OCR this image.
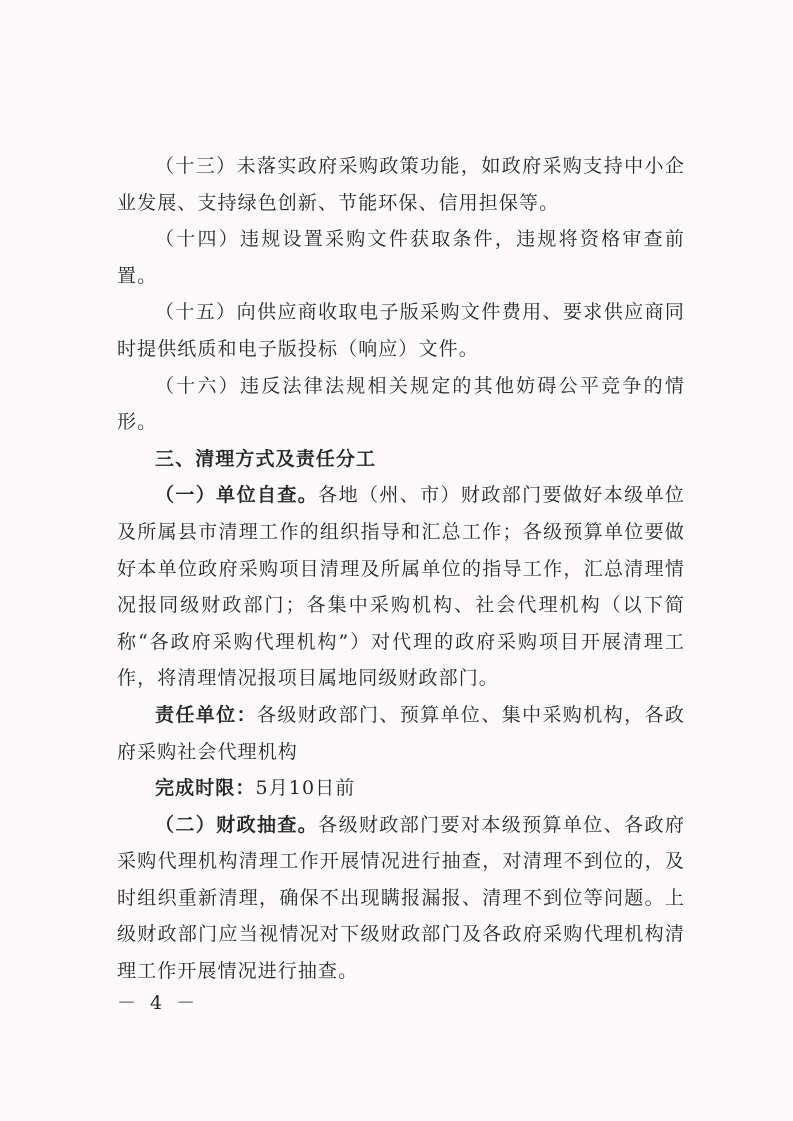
（十三）未落实政府采购政策功能，如政府采购支持中小企业发展、支持绿色创新、节能环保、信用担保等。

（十四）违规设置采购文件获取条件，违规将资格审查前置。

（十五）向供应商收取电子版采购文件费用、要求供应商同时提供纸质和电子版投标（响应）文件。

（十六）违反法律法规相关规定的其他妨碍公平竞争的情形。

三、清理方式及责任分工

（一）单位自查。各地（州、市）财政部门要做好本级单位及所属县市清理工作的组织指导和汇总工作；各级预算单位要做好本单位政府采购项目清理及所属单位的指导工作，汇总清理情况报同级财政部门；各集中采购机构、社会代理机构（以下简称“各政府采购代理机构”）对代理的政府采购项目开展清理工作，将清理情况报项目属地同级财政部门。

责任单位：各级财政部门、预算单位、集中采购机构，各政府采购社会代理机构

完成时限：5月10日前

（二）财政抽查。各级财政部门要对本级预算单位、各政府采购代理机构清理工作开展情况进行抽查，对清理不到位的，及时组织重新清理，确保不出现瞒报漏报、清理不到位等问题。上级财政部门应当视情况对下级财政部门及各政府采购代理机构清理工作开展情况进行抽查。

－ 4 －
